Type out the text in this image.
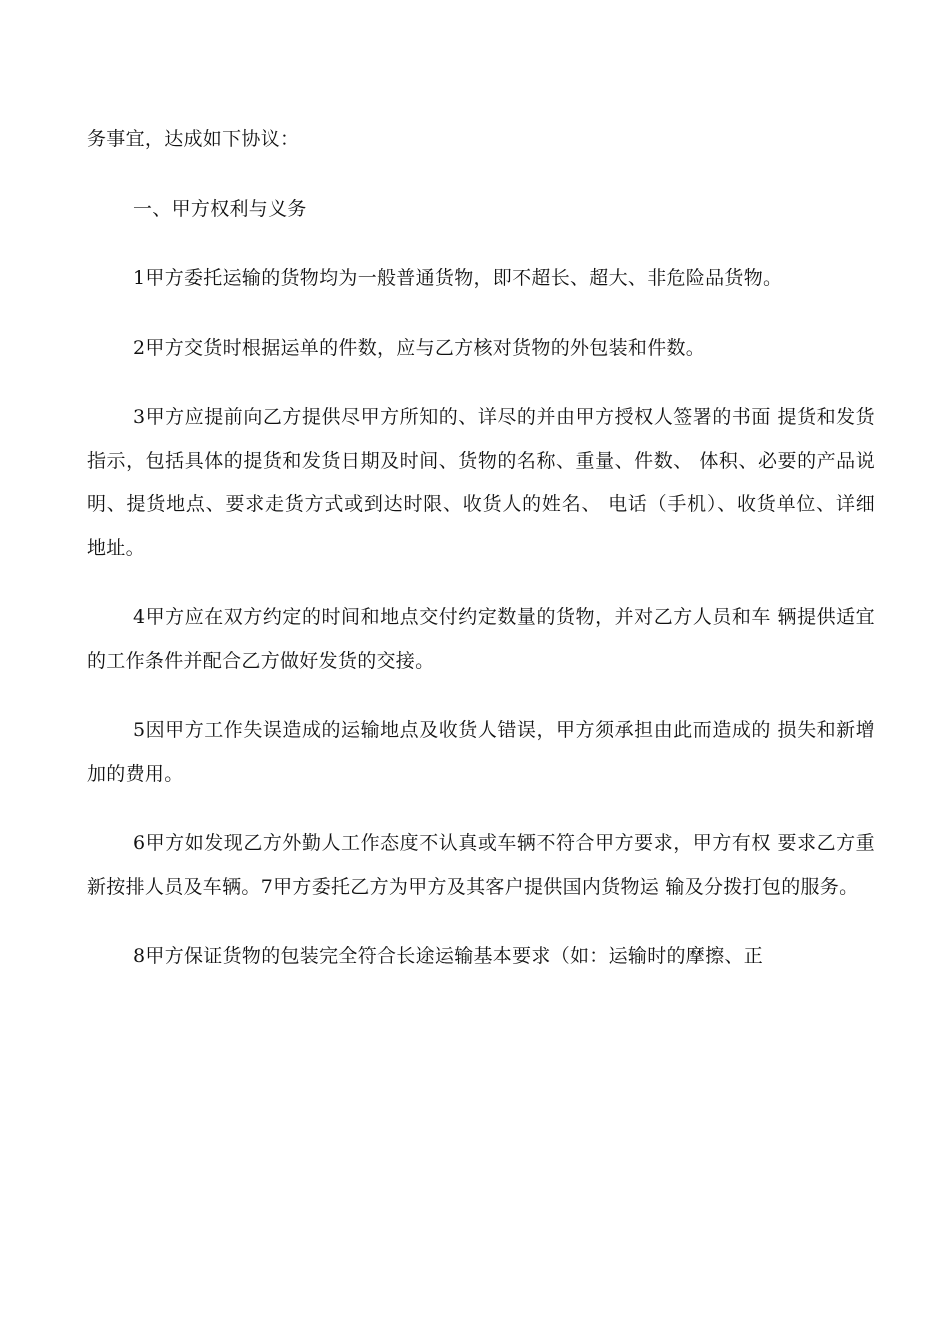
务事宜，达成如下协议：

一、甲方权利与义务

1甲方委托运输的货物均为一般普通货物，即不超长、超大、非危险品货物。

2甲方交货时根据运单的件数，应与乙方核对货物的外包装和件数。

3甲方应提前向乙方提供尽甲方所知的、详尽的并由甲方授权人签署的书面 提货和发货指示，包括具体的提货和发货日期及时间、货物的名称、重量、件数、 体积、必要的产品说明、提货地点、要求走货方式或到达时限、收货人的姓名、 电话（手机）、收货单位、详细地址。

4甲方应在双方约定的时间和地点交付约定数量的货物，并对乙方人员和车 辆提供适宜的工作条件并配合乙方做好发货的交接。

5因甲方工作失误造成的运输地点及收货人错误，甲方须承担由此而造成的 损失和新增加的费用。

6甲方如发现乙方外勤人工作态度不认真或车辆不符合甲方要求，甲方有权 要求乙方重新按排人员及车辆。7甲方委托乙方为甲方及其客户提供国内货物运 输及分拨打包的服务。

8甲方保证货物的包装完全符合长途运输基本要求（如：运输时的摩擦、正
